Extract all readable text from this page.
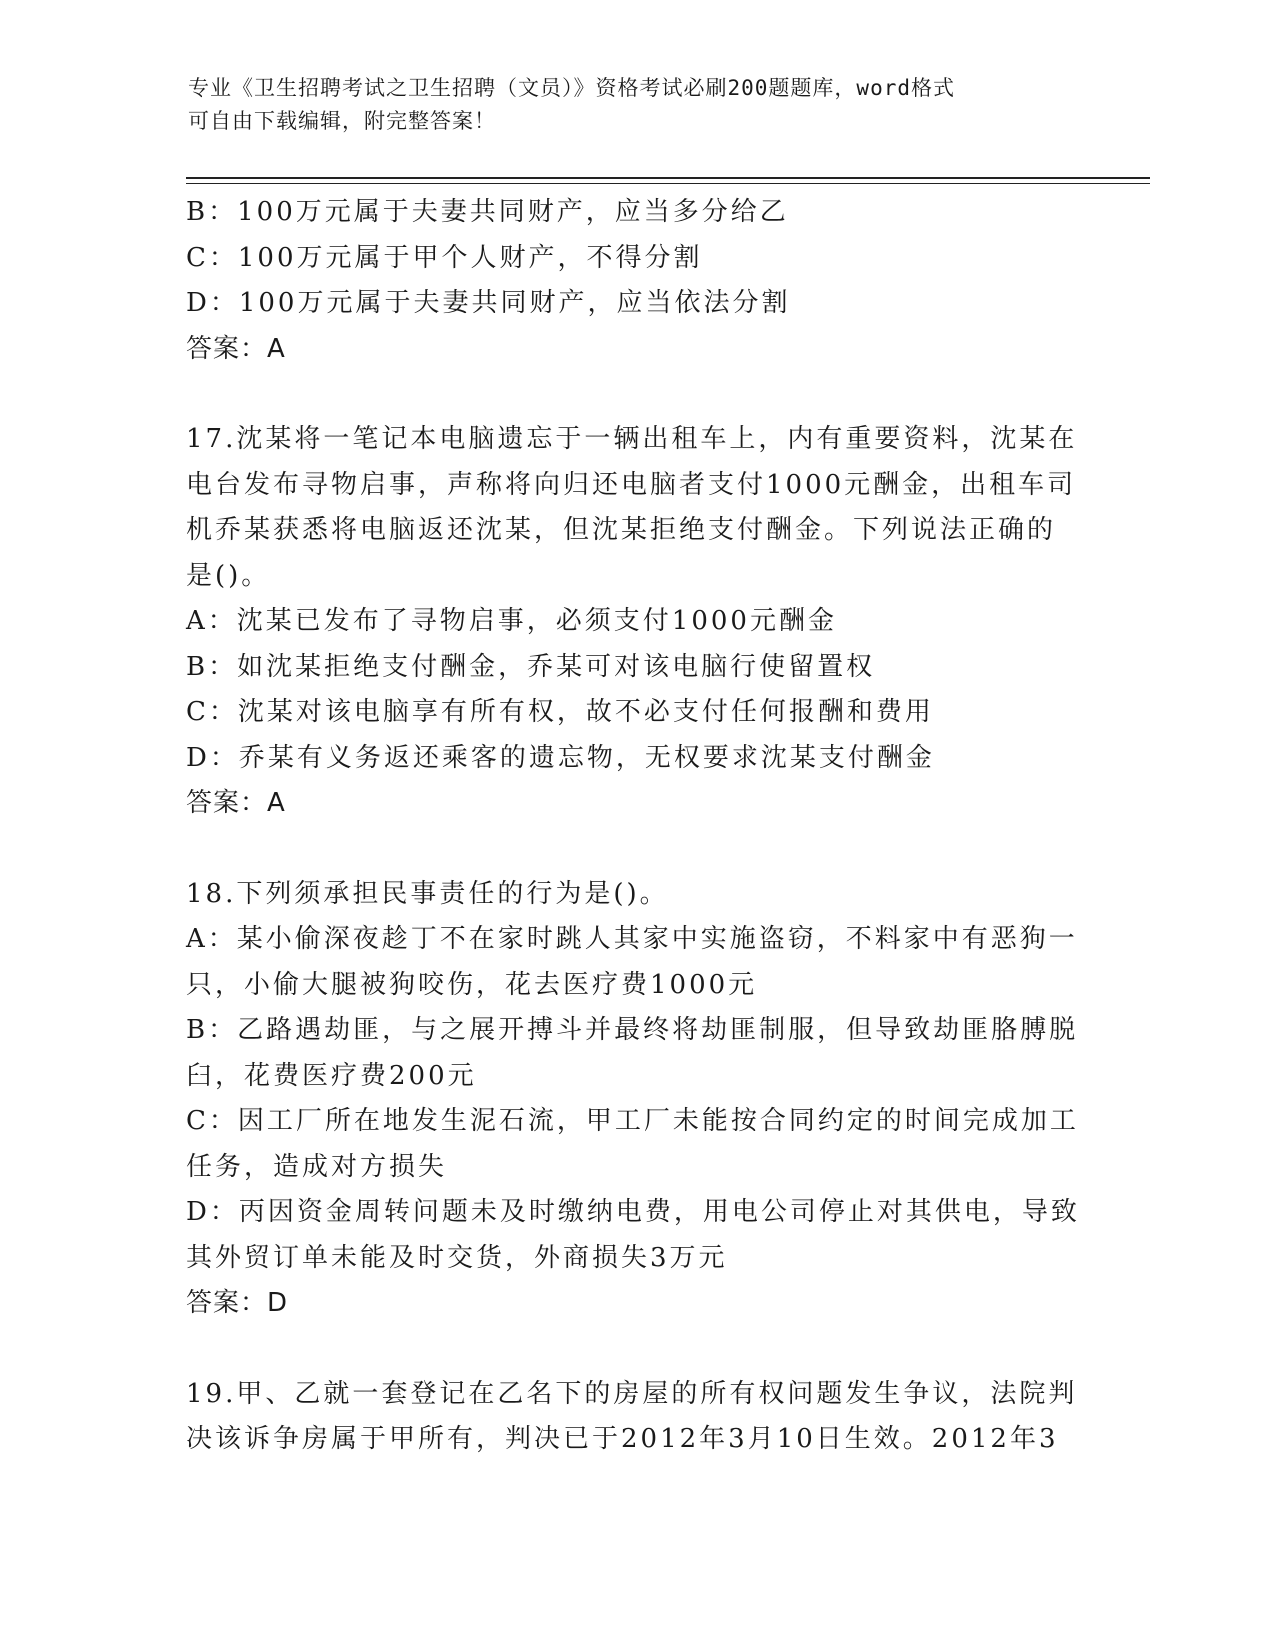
专业《卫生招聘考试之卫生招聘（文员）》资格考试必刷200题题库，word格式
可自由下载编辑，附完整答案！
B：100万元属于夫妻共同财产，应当多分给乙
C：100万元属于甲个人财产，不得分割
D：100万元属于夫妻共同财产，应当依法分割
答案：A
17.沈某将一笔记本电脑遗忘于一辆出租车上，内有重要资料，沈某在
电台发布寻物启事，声称将向归还电脑者支付1000元酬金，出租车司
机乔某获悉将电脑返还沈某，但沈某拒绝支付酬金。下列说法正确的
是()。
A：沈某已发布了寻物启事，必须支付1000元酬金
B：如沈某拒绝支付酬金，乔某可对该电脑行使留置权
C：沈某对该电脑享有所有权，故不必支付任何报酬和费用
D：乔某有义务返还乘客的遗忘物，无权要求沈某支付酬金
答案：A
18.下列须承担民事责任的行为是()。
A：某小偷深夜趁丁不在家时跳人其家中实施盗窃，不料家中有恶狗一
只，小偷大腿被狗咬伤，花去医疗费1000元
B：乙路遇劫匪，与之展开搏斗并最终将劫匪制服，但导致劫匪胳膊脱
臼，花费医疗费200元
C：因工厂所在地发生泥石流，甲工厂未能按合同约定的时间完成加工
任务，造成对方损失
D：丙因资金周转问题未及时缴纳电费，用电公司停止对其供电，导致
其外贸订单未能及时交货，外商损失3万元
答案：D
19.甲、乙就一套登记在乙名下的房屋的所有权问题发生争议，法院判
决该诉争房属于甲所有，判决已于2012年3月10日生效。2012年3
